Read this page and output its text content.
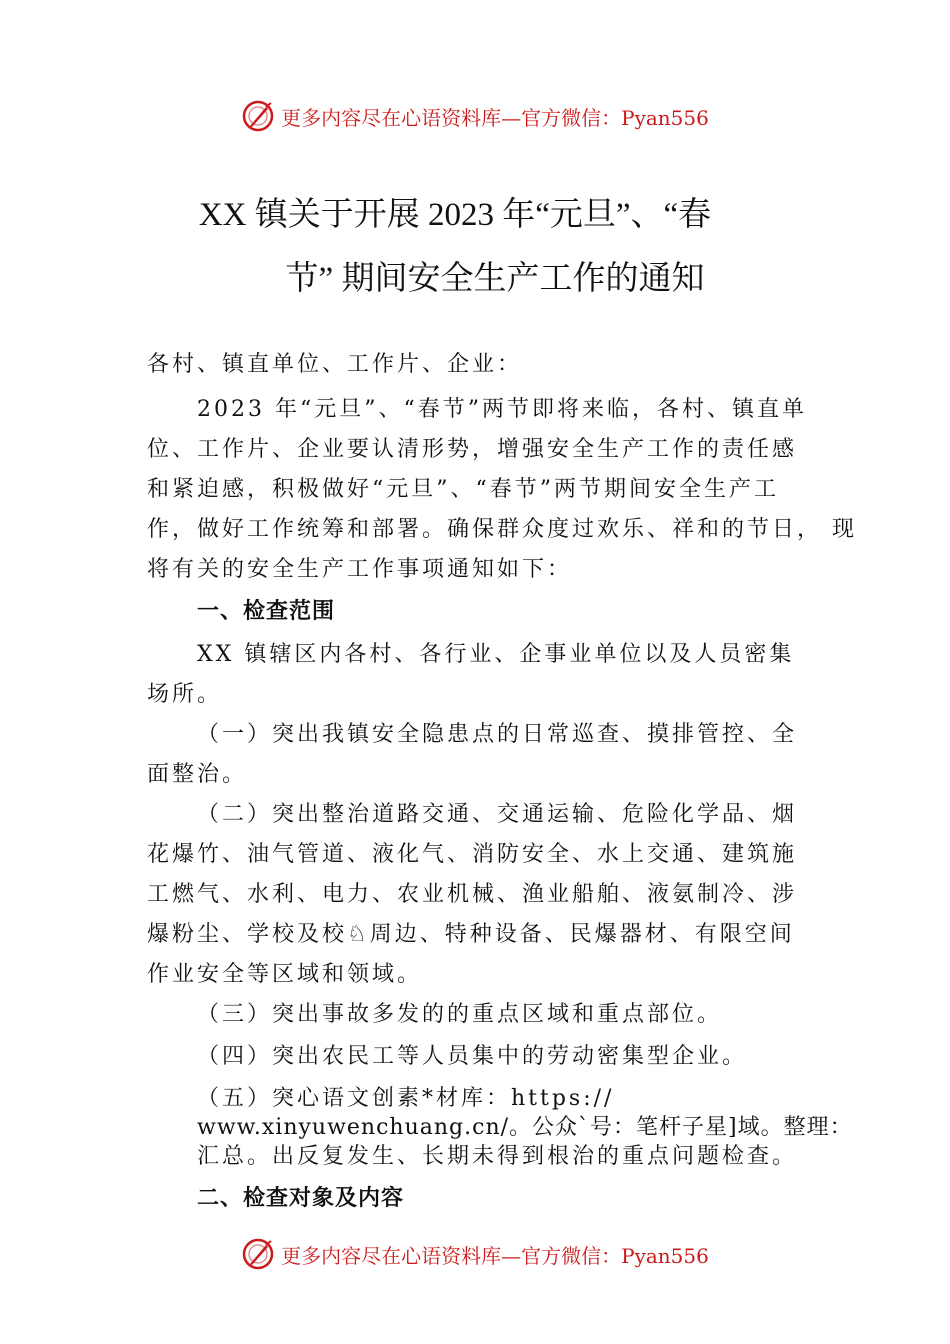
更多内容尽在心语资料库—官方微信：Pyan556
XX 镇关于开展 2023 年“元旦”、“春
节” 期间安全生产工作的通知
各村、镇直单位、工作片、企业：
2023 年“元旦”、“春节”两节即将来临，各村、镇直单
位、工作片、企业要认清形势，增强安全生产工作的责任感
和紧迫感，积极做好“元旦”、“春节”两节期间安全生产工
作，做好工作统筹和部署。确保群众度过欢乐、祥和的节日， 现
将有关的安全生产工作事项通知如下：
一、检查范围
XX 镇辖区内各村、各行业、企事业单位以及人员密集
场所。
（一）突出我镇安全隐患点的日常巡查、摸排管控、全
面整治。
（二）突出整治道路交通、交通运输、危险化学品、烟
花爆竹、油气管道、液化气、消防安全、水上交通、建筑施
工燃气、水利、电力、农业机械、渔业船舶、液氨制冷、涉
爆粉尘、学校及校♘周边、特种设备、民爆器材、有限空间
作业安全等区域和领域。
（三）突出事故多发的的重点区域和重点部位。
（四）突出农民工等人员集中的劳动密集型企业。
（五）突心语文创素*材库：https://
www.xinyuwenchuang.cn/。公众`号：笔杆子星]域。整理：
汇总。出反复发生、长期未得到根治的重点问题检查。
二、检查对象及内容
更多内容尽在心语资料库—官方微信：Pyan556
